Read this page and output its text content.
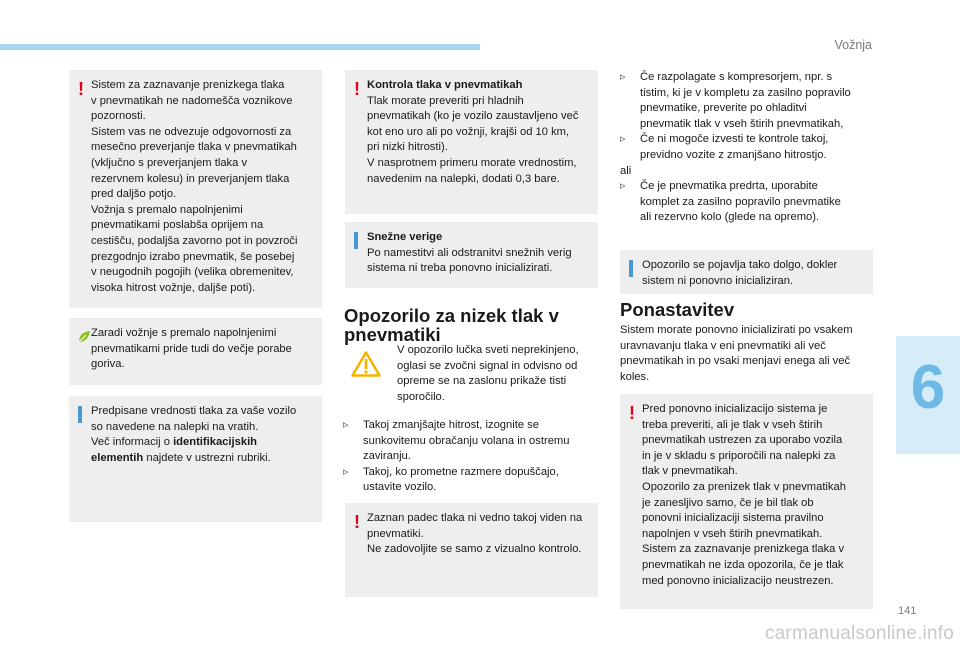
Vožnja
6
141
carmanualsonline.info
! Sistem za zaznavanje prenizkega tlaka
v pnevmatikah ne nadomešča voznikove
pozornosti.
Sistem vas ne odvezuje odgovornosti za
mesečno preverjanje tlaka v pnevmatikah
(vključno s preverjanjem tlaka v
rezervnem kolesu) in preverjanjem tlaka
pred daljšo potjo.
Vožnja s premalo napolnjenimi
pnevmatikami poslabša oprijem na
cestišču, podaljša zavorno pot in povzroči
prezgodnjo izrabo pnevmatik, še posebej
v neugodnih pogojih (velika obremenitev,
visoka hitrost vožnje, daljše poti).
Zaradi vožnje s premalo napolnjenimi
pnevmatikami pride tudi do večje porabe
goriva.
Predpisane vrednosti tlaka za vaše vozilo
so navedene na nalepki na vratih.
Več informacij o identifikacijskih
elementih najdete v ustrezni rubriki.
! Kontrola tlaka v pnevmatikah
Tlak morate preveriti pri hladnih
pnevmatikah (ko je vozilo zaustavljeno več
kot eno uro ali po vožnji, krajši od 10 km,
pri nizki hitrosti).
V nasprotnem primeru morate vrednostim,
navedenim na nalepki, dodati 0,3 bare.
Snežne verige
Po namestitvi ali odstranitvi snežnih verig
sistema ni treba ponovno inicializirati.
Opozorilo za nizek tlak v
pnevmatiki
V opozorilo lučka sveti neprekinjeno,
oglasi se zvočni signal in odvisno od
opreme se na zaslonu prikaže tisti
sporočilo.
▹ Takoj zmanjšajte hitrost, izognite se
sunkovitemu obračanju volana in ostremu
zaviranju.
▹ Takoj, ko prometne razmere dopuščajo,
ustavite vozilo.
! Zaznan padec tlaka ni vedno takoj viden na
pnevmatiki.
Ne zadovoljite se samo z vizualno kontrolo.
▹ Če razpolagate s kompresorjem, npr. s
tistim, ki je v kompletu za zasilno popravilo
pnevmatike, preverite po ohladitvi
pnevmatik tlak v vseh štirih pnevmatikah,
▹ Če ni mogoče izvesti te kontrole takoj,
previdno vozite z zmanjšano hitrostjo.
ali
▹ Če je pnevmatika predrta, uporabite
komplet za zasilno popravilo pnevmatike
ali rezervno kolo (glede na opremo).
Opozorilo se pojavlja tako dolgo, dokler
sistem ni ponovno inicializiran.
Ponastavitev
Sistem morate ponovno inicializirati po vsakem
uravnavanju tlaka v eni pnevmatiki ali več
pnevmatikah in po vsaki menjavi enega ali več
koles.
! Pred ponovno inicializacijo sistema je
treba preveriti, ali je tlak v vseh štirih
pnevmatikah ustrezen za uporabo vozila
in je v skladu s priporočili na nalepki za
tlak v pnevmatikah.
Opozorilo za prenizek tlak v pnevmatikah
je zanesljivo samo, če je bil tlak ob
ponovni inicializaciji sistema pravilno
napolnjen v vseh štirih pnevmatikah.
Sistem za zaznavanje prenizkega tlaka v
pnevmatikah ne izda opozorila, če je tlak
med ponovno inicializacijo neustrezen.
